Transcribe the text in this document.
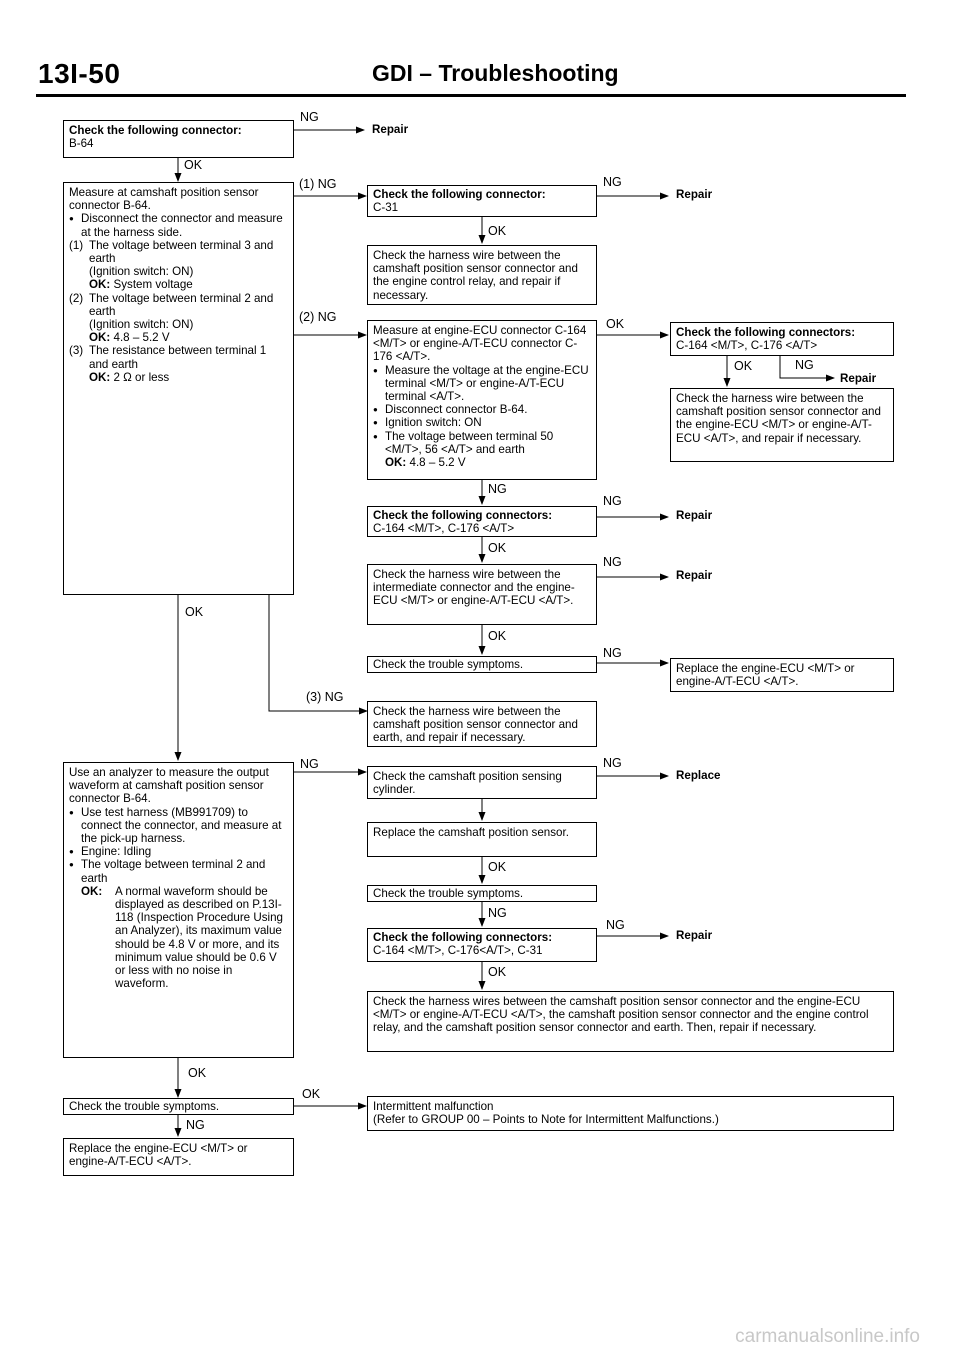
13I-50	GDI – Troubleshooting
Check the following connector:
B-64
Measure at camshaft position sensor connector B-64.
● Disconnect the connector and measure at the harness side.
(1) The voltage between terminal 3 and earth
(Ignition switch: ON)
OK: System voltage
(2) The voltage between terminal 2 and earth
(Ignition switch: ON)
OK: 4.8 – 5.2 V
(3) The resistance between terminal 1 and earth
OK: 2 Ω or less
Use an analyzer to measure the output waveform at camshaft position sensor connector B-64.
● Use test harness (MB991709) to connect the connector, and measure at the pick-up harness.
● Engine: Idling
● The voltage between terminal 2 and earth
OK: A normal waveform should be displayed as described on P.13I-118 (Inspection Procedure Using an Analyzer), its maximum value should be 4.8 V or more, and its minimum value should be 0.6 V or less with no noise in waveform.
Check the trouble symptoms.
Replace the engine-ECU <M/T> or engine-A/T-ECU <A/T>.
Check the following connector:
C-31
Check the harness wire between the camshaft position sensor connector and the engine control relay, and repair if necessary.
Measure at engine-ECU connector C-164 <M/T> or engine-A/T-ECU connector C-176 <A/T>.
● Measure the voltage at the engine-ECU terminal <M/T> or engine-A/T-ECU terminal <A/T>.
● Disconnect connector B-64.
● Ignition switch: ON
● The voltage between terminal 50 <M/T>, 56 <A/T> and earth
OK: 4.8 – 5.2 V
Check the following connectors:
C-164 <M/T>, C-176 <A/T>
Check the harness wire between the intermediate connector and the engine-ECU <M/T> or engine-A/T-ECU <A/T>.
Check the trouble symptoms.
Check the harness wire between the camshaft position sensor connector and earth, and repair if necessary.
Check the camshaft position sensing cylinder.
Replace the camshaft position sensor.
Check the trouble symptoms.
Check the following connectors:
C-164 <M/T>, C-176<A/T>, C-31
Check the harness wires between the camshaft position sensor connector and the engine-ECU <M/T> or engine-A/T-ECU <A/T>, the camshaft position sensor connector and the engine control relay, and the camshaft position sensor connector and earth. Then, repair if necessary.
Intermittent malfunction
(Refer to GROUP 00 – Points to Note for Intermittent Malfunctions.)
Check the following connectors:
C-164 <M/T>, C-176 <A/T>
Check the harness wire between the camshaft position sensor connector and the engine-ECU <M/T> or engine-A/T-ECU <A/T>, and repair if necessary.
Replace the engine-ECU <M/T> or engine-A/T-ECU <A/T>.
Repair
Repair
Repair
Repair
Repair
Replace
Repair
NG
OK
(1) NG
(2) NG
(3) NG
OK
NG
OK
OK
OK	NG
NG
NG
OK
NG
OK
NG
NG	NG
OK
NG
NG
OK
OK
OK
NG
carmanualsonline.info
